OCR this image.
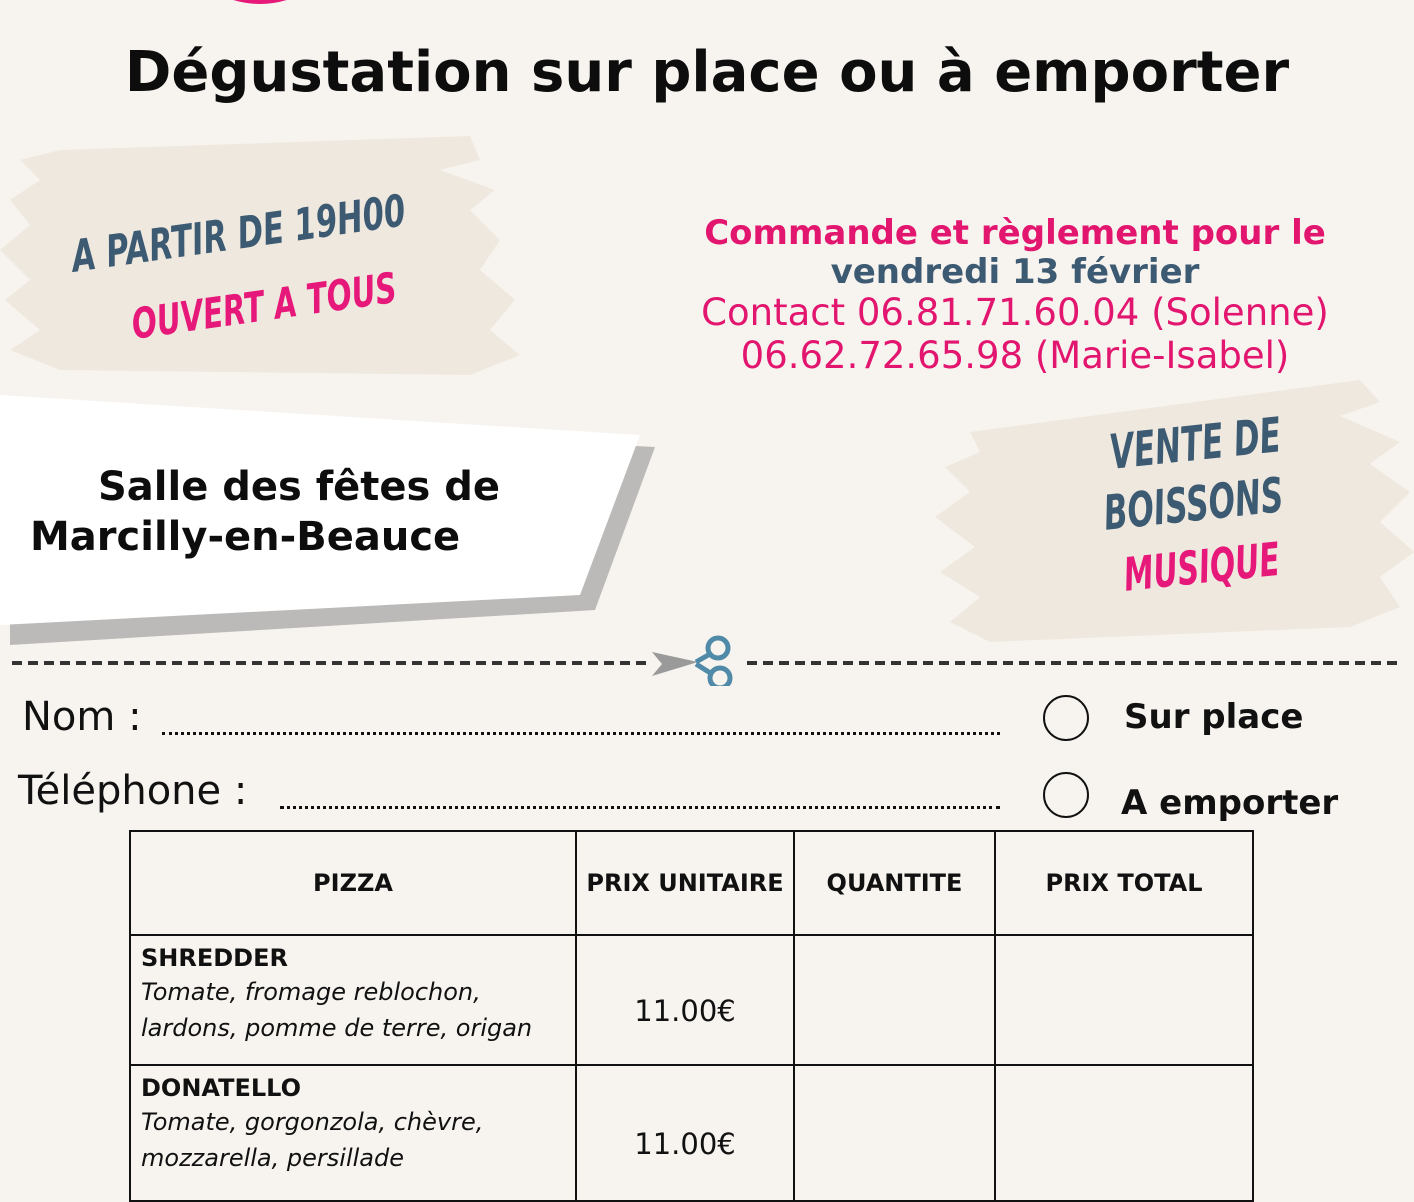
Dégustation sur place ou à emporter
A PARTIR DE 19H00
OUVERT A TOUS
Commande et règlement pour le
vendredi 13 février
Contact 06.81.71.60.04 (Solenne)
06.62.72.65.98 (Marie-Isabel)
Salle des fêtes de
Marcilly-en-Beauce
VENTE DE
BOISSONS
MUSIQUE
Nom :
Téléphone :
Sur place
A emporter
PIZZA	PRIX UNITAIRE	QUANTITE	PRIX TOTAL

SHREDDER
Tomate, fromage reblochon, lardons, pomme de terre, origan	11.00€		

DONATELLO
Tomate, gorgonzola, chèvre, mozzarella, persillade	11.00€		
